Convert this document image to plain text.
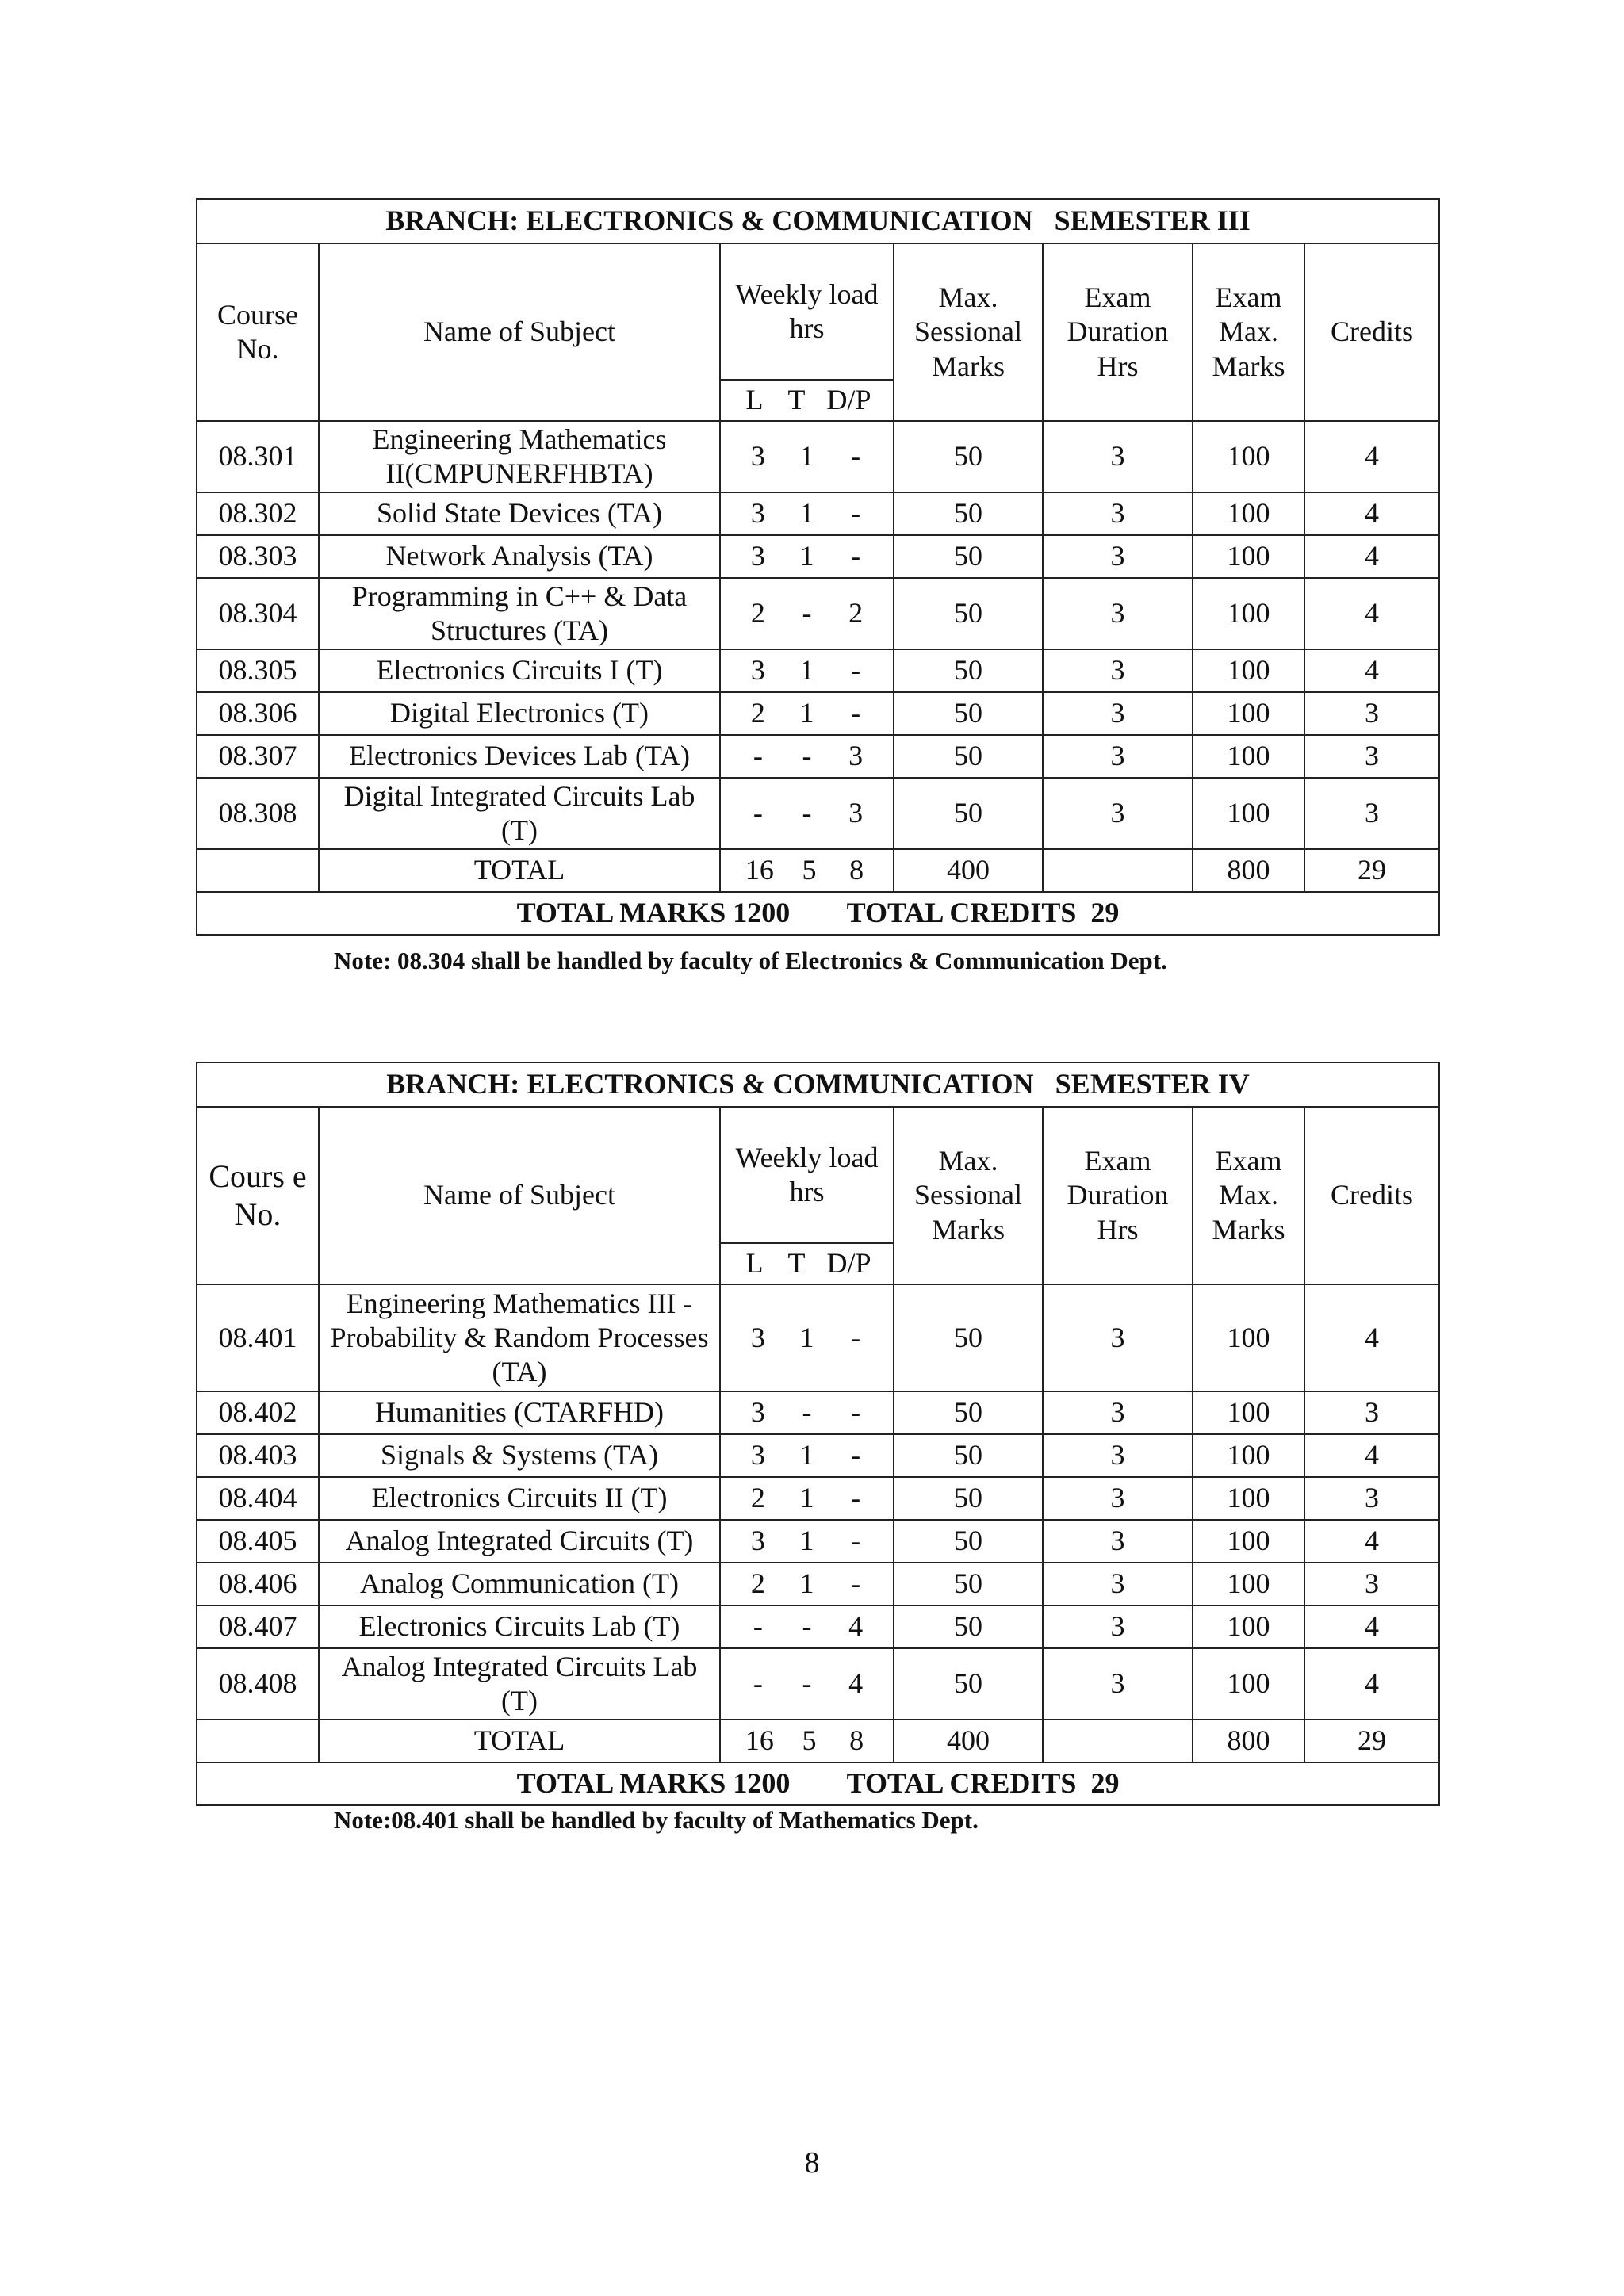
BRANCH: ELECTRONICS & COMMUNICATION   SEMESTER III						
Course No.	Name of Subject	Weekly load hrs	Max. Sessional Marks	Exam Duration Hrs	Exam Max. Marks	Credits

		L T D/P				

08.301	Engineering Mathematics II(CMPUNERFHBTA)	3 1 -	50	3	100	4
08.302	Solid State Devices (TA)	3 1 -	50	3	100	4
08.303	Network Analysis (TA)	3 1 -	50	3	100	4
08.304	Programming in C++ & Data Structures (TA)	2 - 2	50	3	100	4
08.305	Electronics Circuits I (T)	3 1 -	50	3	100	4
08.306	Digital Electronics (T)	2 1 -	50	3	100	3
08.307	Electronics Devices Lab (TA)	- - 3	50	3	100	3
08.308	Digital Integrated Circuits Lab (T)	- - 3	50	3	100	3
	TOTAL	16 5 8	400		800	29
TOTAL MARKS 1200        TOTAL CREDITS  29						
Note: 08.304 shall be handled by faculty of Electronics & Communication Dept.
BRANCH: ELECTRONICS & COMMUNICATION   SEMESTER IV						
Cours e No.	Name of Subject	Weekly load hrs	Max. Sessional Marks	Exam Duration Hrs	Exam Max. Marks	Credits

		L T D/P				

08.401	Engineering Mathematics III - Probability & Random Processes (TA)	3 1 -	50	3	100	4
08.402	Humanities (CTARFHD)	3 - -	50	3	100	3
08.403	Signals & Systems (TA)	3 1 -	50	3	100	4
08.404	Electronics Circuits II (T)	2 1 -	50	3	100	3
08.405	Analog Integrated Circuits (T)	3 1 -	50	3	100	4
08.406	Analog Communication (T)	2 1 -	50	3	100	3
08.407	Electronics Circuits Lab (T)	- - 4	50	3	100	4
08.408	Analog Integrated Circuits Lab (T)	- - 4	50	3	100	4
	TOTAL	16 5 8	400		800	29
TOTAL MARKS 1200        TOTAL CREDITS  29						
Note:08.401 shall be handled by faculty of Mathematics Dept.
8
